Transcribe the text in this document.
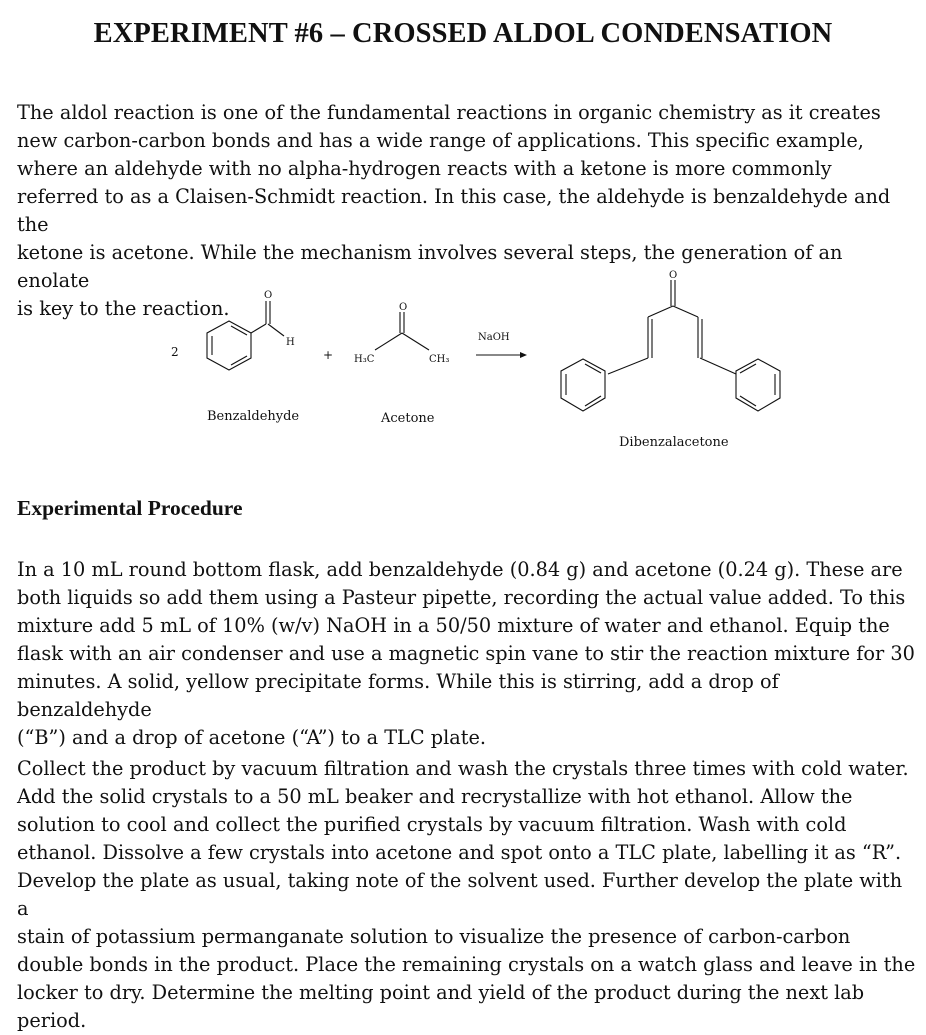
EXPERIMENT #6 – CROSSED ALDOL CONDENSATION

The aldol reaction is one of the fundamental reactions in organic chemistry as it creates
new carbon-carbon bonds and has a wide range of applications. This specific example,
where an aldehyde with no alpha-hydrogen reacts with a ketone is more commonly
referred to as a Claisen-Schmidt reaction. In this case, the aldehyde is benzaldehyde and the
ketone is acetone. While the mechanism involves several steps, the generation of an enolate
is key to the reaction.

2
O
H
Benzaldehyde
+
O
H₃C	CH₃
Acetone
NaOH
O
Dibenzalacetone
Experimental Procedure

In a 10 mL round bottom flask, add benzaldehyde (0.84 g) and acetone (0.24 g). These are
both liquids so add them using a Pasteur pipette, recording the actual value added. To this
mixture add 5 mL of 10% (w/v) NaOH in a 50/50 mixture of water and ethanol. Equip the
flask with an air condenser and use a magnetic spin vane to stir the reaction mixture for 30
minutes. A solid, yellow precipitate forms. While this is stirring, add a drop of benzaldehyde
(“B”) and a drop of acetone (“A”) to a TLC plate.

Collect the product by vacuum filtration and wash the crystals three times with cold water.
Add the solid crystals to a 50 mL beaker and recrystallize with hot ethanol. Allow the
solution to cool and collect the purified crystals by vacuum filtration. Wash with cold
ethanol. Dissolve a few crystals into acetone and spot onto a TLC plate, labelling it as “R”.
Develop the plate as usual, taking note of the solvent used. Further develop the plate with a
stain of potassium permanganate solution to visualize the presence of carbon-carbon
double bonds in the product. Place the remaining crystals on a watch glass and leave in the
locker to dry. Determine the melting point and yield of the product during the next lab
period.
